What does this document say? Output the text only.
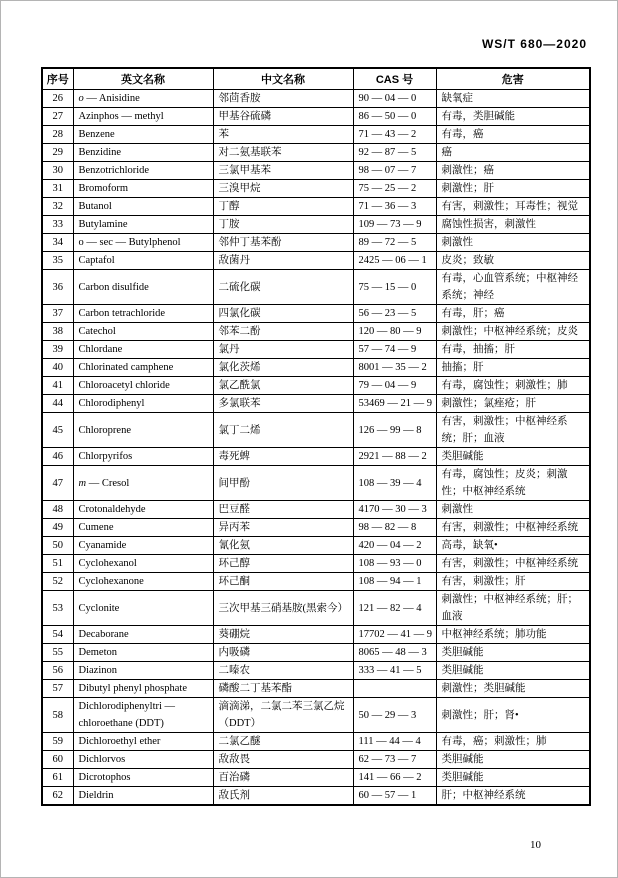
WS/T 680—2020
序号	英文名称	中文名称	CAS 号	危害
26	o — Anisidine	邻茴香胺	90 — 04 — 0	缺氧症
27	Azinphos — methyl	甲基谷硫磷	86 — 50 — 0	有毒，类胆碱能
28	Benzene	苯	71 — 43 — 2	有毒，癌
29	Benzidine	对二氨基联苯	92 — 87 — 5	癌
30	Benzotrichloride	三氯甲基苯	98 — 07 — 7	刺激性；癌
31	Bromoform	三溴甲烷	75 — 25 — 2	刺激性；肝
32	Butanol	丁醇	71 — 36 — 3	有害，刺激性；耳毒性；视觉
33	Butylamine	丁胺	109 — 73 — 9	腐蚀性损害，刺激性
34	o — sec — Butylphenol	邻仲丁基苯酚	89 — 72 — 5	刺激性
35	Captafol	敌菌丹	2425 — 06 — 1	皮炎；致敏
36	Carbon disulfide	二硫化碳	75 — 15 — 0	有毒，心血管系统；中枢神经系统；神经
37	Carbon tetrachloride	四氯化碳	56 — 23 — 5	有毒，肝；癌
38	Catechol	邻苯二酚	120 — 80 — 9	刺激性；中枢神经系统；皮炎
39	Chlordane	氯丹	57 — 74 — 9	有毒，抽搐；肝
40	Chlorinated camphene	氯化茨烯	8001 — 35 — 2	抽搐；肝
41	Chloroacetyl chloride	氯乙酰氯	79 — 04 — 9	有毒，腐蚀性；刺激性；肺
44	Chlorodiphenyl	多氯联苯	53469 — 21 — 9	刺激性；氯痤疮；肝
45	Chloroprene	氯丁二烯	126 — 99 — 8	有害，刺激性；中枢神经系统；肝；血液
46	Chlorpyrifos	毒死蜱	2921 — 88 — 2	类胆碱能
47	m — Cresol	间甲酚	108 — 39 — 4	有毒，腐蚀性；皮炎；刺激性；中枢神经系统
48	Crotonaldehyde	巴豆醛	4170 — 30 — 3	刺激性
49	Cumene	异丙苯	98 — 82 — 8	有害，刺激性；中枢神经系统
50	Cyanamide	氰化氨	420 — 04 — 2	高毒，缺氧•
51	Cyclohexanol	环己醇	108 — 93 — 0	有害，刺激性；中枢神经系统
52	Cyclohexanone	环己酮	108 — 94 — 1	有害，刺激性；肝
53	Cyclonite	三次甲基三硝基胺(黑索今）	121 — 82 — 4	刺激性；中枢神经系统；肝；血液
54	Decaborane	葵硼烷	17702 — 41 — 9	中枢神经系统；肺功能
55	Demeton	内吸磷	8065 — 48 — 3	类胆碱能
56	Diazinon	二嗪农	333 — 41 — 5	类胆碱能
57	Dibutyl phenyl phosphate	磷酸二丁基苯酯		刺激性；类胆碱能
58	Dichlorodiphenyltri — chloroethane (DDT)	滴滴涕，二氯二苯三氯乙烷（DDT）	50 — 29 — 3	刺激性；肝；肾•
59	Dichloroethyl ether	二氯乙醚	111 — 44 — 4	有毒，癌；刺激性；肺
60	Dichlorvos	敌敌畏	62 — 73 — 7	类胆碱能
61	Dicrotophos	百治磷	141 — 66 — 2	类胆碱能
62	Dieldrin	敌氏剂	60 — 57 — 1	肝；中枢神经系统
10
